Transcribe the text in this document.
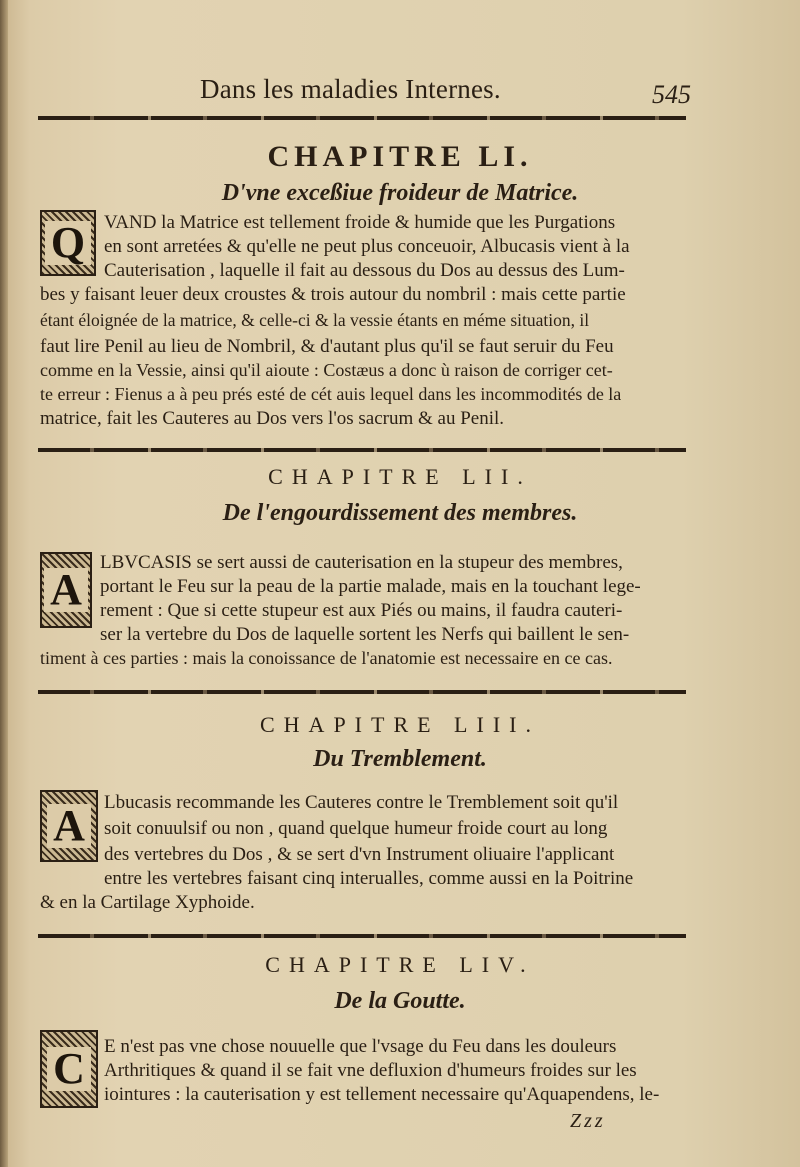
Dans les maladies Internes.	545
CHAPITRE LI.
D'vne exceßiue froideur de Matrice.
Q VAND la Matrice est tellement froide & humide que les Purgations
en sont arretées & qu'elle ne peut plus conceuoir, Albucasis vient à la
Cauterisation , laquelle il fait au dessous du Dos au dessus des Lum-
bes y faisant leuer deux croustes & trois autour du nombril : mais cette partie
étant éloignée de la matrice, & celle-ci & la vessie étants en méme situation, il
faut lire Penil au lieu de Nombril, & d'autant plus qu'il se faut seruir du Feu
comme en la Vessie, ainsi qu'il aioute : Costæus a donc ù raison de corriger cet-
te erreur : Fienus a à peu prés esté de cét auis lequel dans les incommodités de la
matrice, fait les Cauteres au Dos vers l'os sacrum & au Penil.
CHAPITRE LII.
De l'engourdissement des membres.
A
LBVCASIS se sert aussi de cauterisation en la stupeur des membres,
portant le Feu sur la peau de la partie malade, mais en la touchant lege-
rement : Que si cette stupeur est aux Piés ou mains, il faudra cauteri-
ser la vertebre du Dos de laquelle sortent les Nerfs qui baillent le sen-
timent à ces parties : mais la conoissance de l'anatomie est necessaire en ce cas.
CHAPITRE LIII.
Du Tremblement.
A	Lbucasis recommande les Cauteres contre le Tremblement soit qu'il
soit conuulsif ou non , quand quelque humeur froide court au long
des vertebres du Dos , & se sert d'vn Instrument oliuaire l'applicant
entre les vertebres faisant cinq interualles, comme aussi en la Poitrine
& en la Cartilage Xyphoide.
CHAPITRE LIV.
De la Goutte.
C	E n'est pas vne chose nouuelle que l'vsage du Feu dans les douleurs
Arthritiques & quand il se fait vne defluxion d'humeurs froides sur les
iointures : la cauterisation y est tellement necessaire qu'Aquapendens, le-
Zzz
